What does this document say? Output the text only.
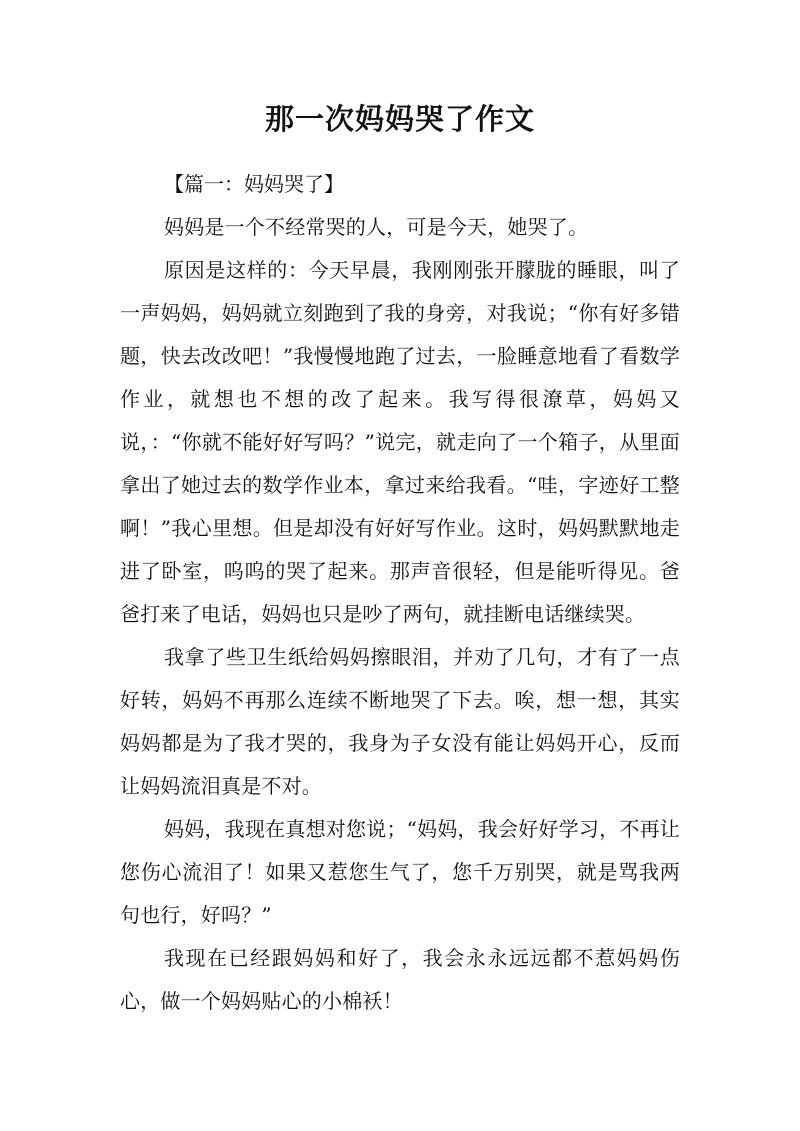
那一次妈妈哭了作文

【篇一：妈妈哭了】

妈妈是一个不经常哭的人，可是今天，她哭了。

原因是这样的：今天早晨，我刚刚张开朦胧的睡眼，叫了一声妈妈，妈妈就立刻跑到了我的身旁，对我说；“你有好多错题，快去改改吧！”我慢慢地跑了过去，一脸睡意地看了看数学作业，就想也不想的改了起来。我写得很潦草，妈妈又说，：“你就不能好好写吗？”说完，就走向了一个箱子，从里面拿出了她过去的数学作业本，拿过来给我看。“哇，字迹好工整啊！”我心里想。但是却没有好好写作业。这时，妈妈默默地走进了卧室，呜呜的哭了起来。那声音很轻，但是能听得见。爸爸打来了电话，妈妈也只是吵了两句，就挂断电话继续哭。

我拿了些卫生纸给妈妈擦眼泪，并劝了几句，才有了一点好转，妈妈不再那么连续不断地哭了下去。唉，想一想，其实妈妈都是为了我才哭的，我身为子女没有能让妈妈开心，反而让妈妈流泪真是不对。

妈妈，我现在真想对您说；“妈妈，我会好好学习，不再让您伤心流泪了！如果又惹您生气了，您千万别哭，就是骂我两句也行，好吗？”

我现在已经跟妈妈和好了，我会永永远远都不惹妈妈伤心，做一个妈妈贴心的小棉袄！
